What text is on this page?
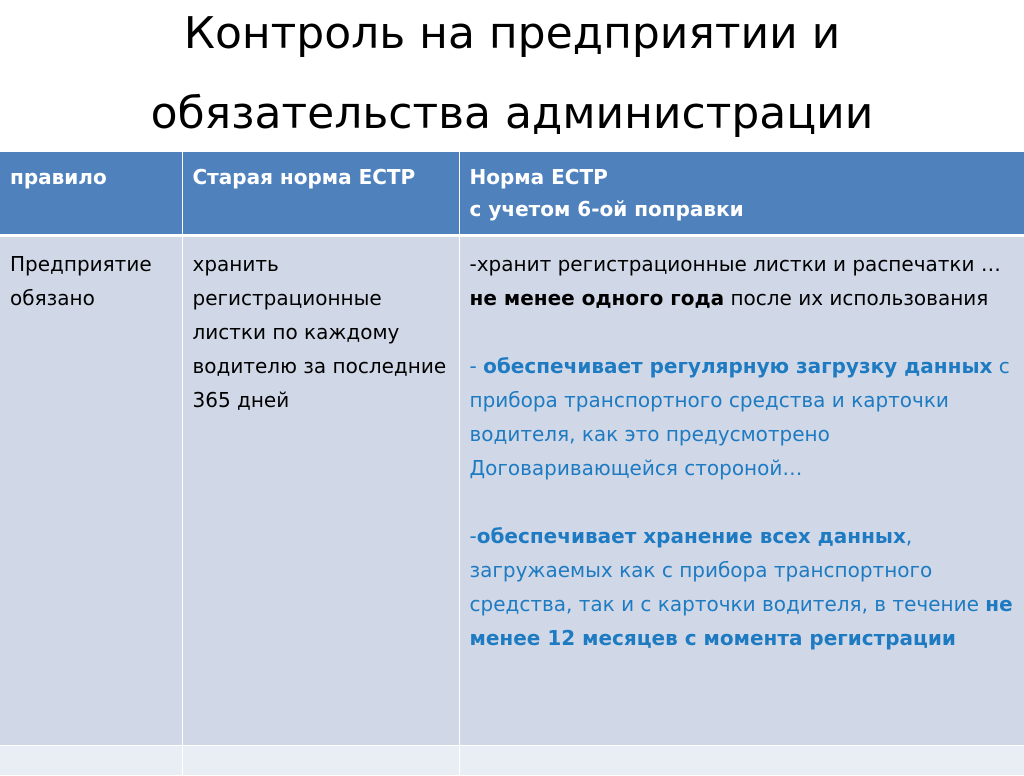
Контроль на предприятии и
обязательства администрации
правило	Старая норма ЕСТР	Норма ЕСТР
с учетом 6-ой поправки

Предприятие обязано	хранить регистрационные листки по каждому водителю за последние 365 дней	-хранит регистрационные листки и распечатки … не менее одного года после их использования

- обеспечивает регулярную загрузку данных с прибора транспортного средства и карточки водителя, как это предусмотрено Договаривающейся стороной…

-обеспечивает хранение всех данных, загружаемых как с прибора транспортного средства, так и с карточки водителя, в течение не менее 12 месяцев с момента регистрации
